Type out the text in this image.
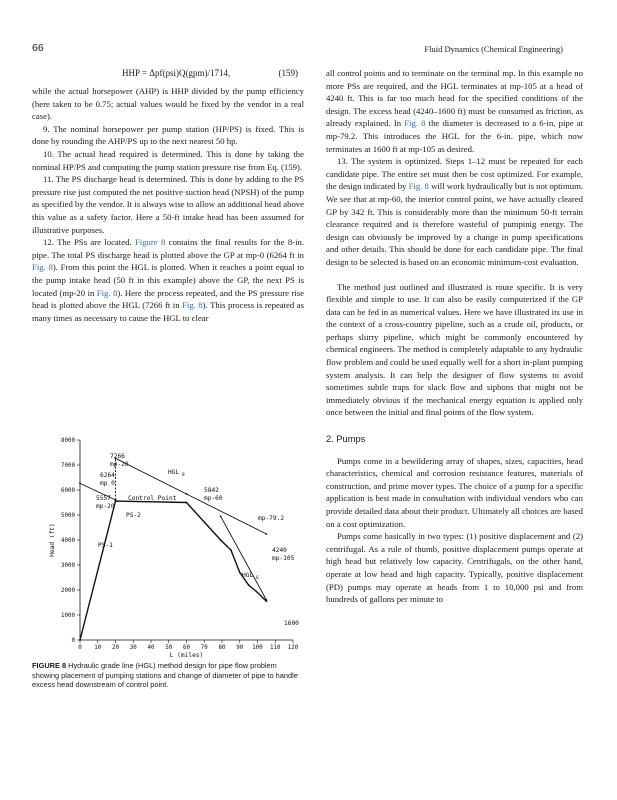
66	Fluid Dynamics (Chemical Engineering)
HHP = Δpf(psi)Q(gpm)/1714,	(159)

while the actual horsepower (AHP) is HHP divided by the pump efficiency (here taken to be 0.75; actual values would be fixed by the vendor in a real case).

9. The nominal horsepower per pump station (HP/PS) is fixed. This is done by rounding the AHP/PS up to the next nearest 50 hp.

10. The actual head required is determined. This is done by taking the nominal HP/PS and computing the pump station pressure rise from Eq. (159).

11. The PS discharge head is determined. This is done by adding to the PS pressure rise just computed the net positive suction head (NPSH) of the pump as specified by the vendor. It is always wise to allow an additional head above this value as a safety factor. Here a 50-ft intake head has been assumed for illustrative purposes.

12. The PSs are located. Figure 8 contains the final results for the 8-in. pipe. The total PS discharge head is plotted above the GP at mp-0 (6264 ft in Fig. 8). From this point the HGL is plotted. When it reaches a point equal to the pump intake head (50 ft in this example) above the GP, the next PS is located (mp-20 in Fig. 8). Here the process repeated, and the PS pressure rise head is plotted above the HGL (7266 ft in Fig. 8). This process is repeated as many times as necessary to cause the HGL to clear

all control points and to terminate on the terminal mp. In this example no more PSs are required, and the HGL terminates at mp-105 at a head of 4240 ft. This is far too much head for the specified conditions of the design. The excess head (4240–1600 ft) must be consumed as friction, as already explained. In Fig. 8 the diameter is decreased to a 6-in, pipe at mp-79.2. This introduces the HGL for the 6-in. pipe, which now terminates at 1600 ft at mp-105 as desired.

13. The system is optimized. Steps 1–12 must be repeated for each candidate pipe. The entire set must then be cost optimized. For example, the design indicated by Fig. 8 will work hydraulically but is not optimum. We see that at mp-60, the interior control point, we have actually cleared GP by 342 ft. This is considerably more than the minimum 50-ft terrain clearance required and is therefore wasteful of pumpinig energy. The design can obviously be improved by a change in pump specifications and other details. This should be done for each candidate pipe. The final design to be selected is based on an economic minimum-cost evaluation.

The method just outlined and illustrated is route specific. It is very flexible and simple to use. It can also be easily computerized if the GP data can be fed in as numerical values. Here we have illustrated its use in the context of a cross-country pipeline, such as a crude oil, products, or perhaps slurry pipeline, which might be commonly encountered by chemical engineers. The method is completely adaptable to any hydraulic flow problem and could be used equally well for a short in-plant pumping system analysis. It can help the designer of flow systems to avoid sometimes subtle traps for slack flow and siphons that might not be immediately obvious if the mechanical energy equation is applied only once between the initial and final points of the flow system.

2. Pumps

Pumps come in a bewildering array of shapes, sizes, capacities, head characteristics, chemical and corrosion resistance features, materials of construction, and prime mover types. The choice of a pump for a specific application is best made in consultation with individual vendors who can provide detailed data about their product. Ultimately all choices are based on a cost optimization.

Pumps come basically in two types: (1) positive displacement and (2) centrifugal. As a rule of thumb, positive displacement pumps operate at high head but relatively low capacity. Centrifugals, on the other hand, operate at low head and high capacity. Typically, positive displacement (PD) pumps may operate at heads from 1 to 10,000 psi and from hundreds of gallons per minute to

0
1000
2000
3000
4000
5000
6000
7000
8000
0 10 20 30 40 50 60 70 80 90 100 110 120
L (miles)
Head (ft)
7266
mp-20
HGL 8
6264
mp 0
5842
mp-60
5557
mp-20
Control Point
PS-2	mp-79.2
PS-1
4240
mp-105
HGL 6
1600
FIGURE 8 Hydraulic grade line (HGL) method design for pipe flow problem showing placement of pumping stations and change of diameter of pipe to handle excess head downstream of control point.
